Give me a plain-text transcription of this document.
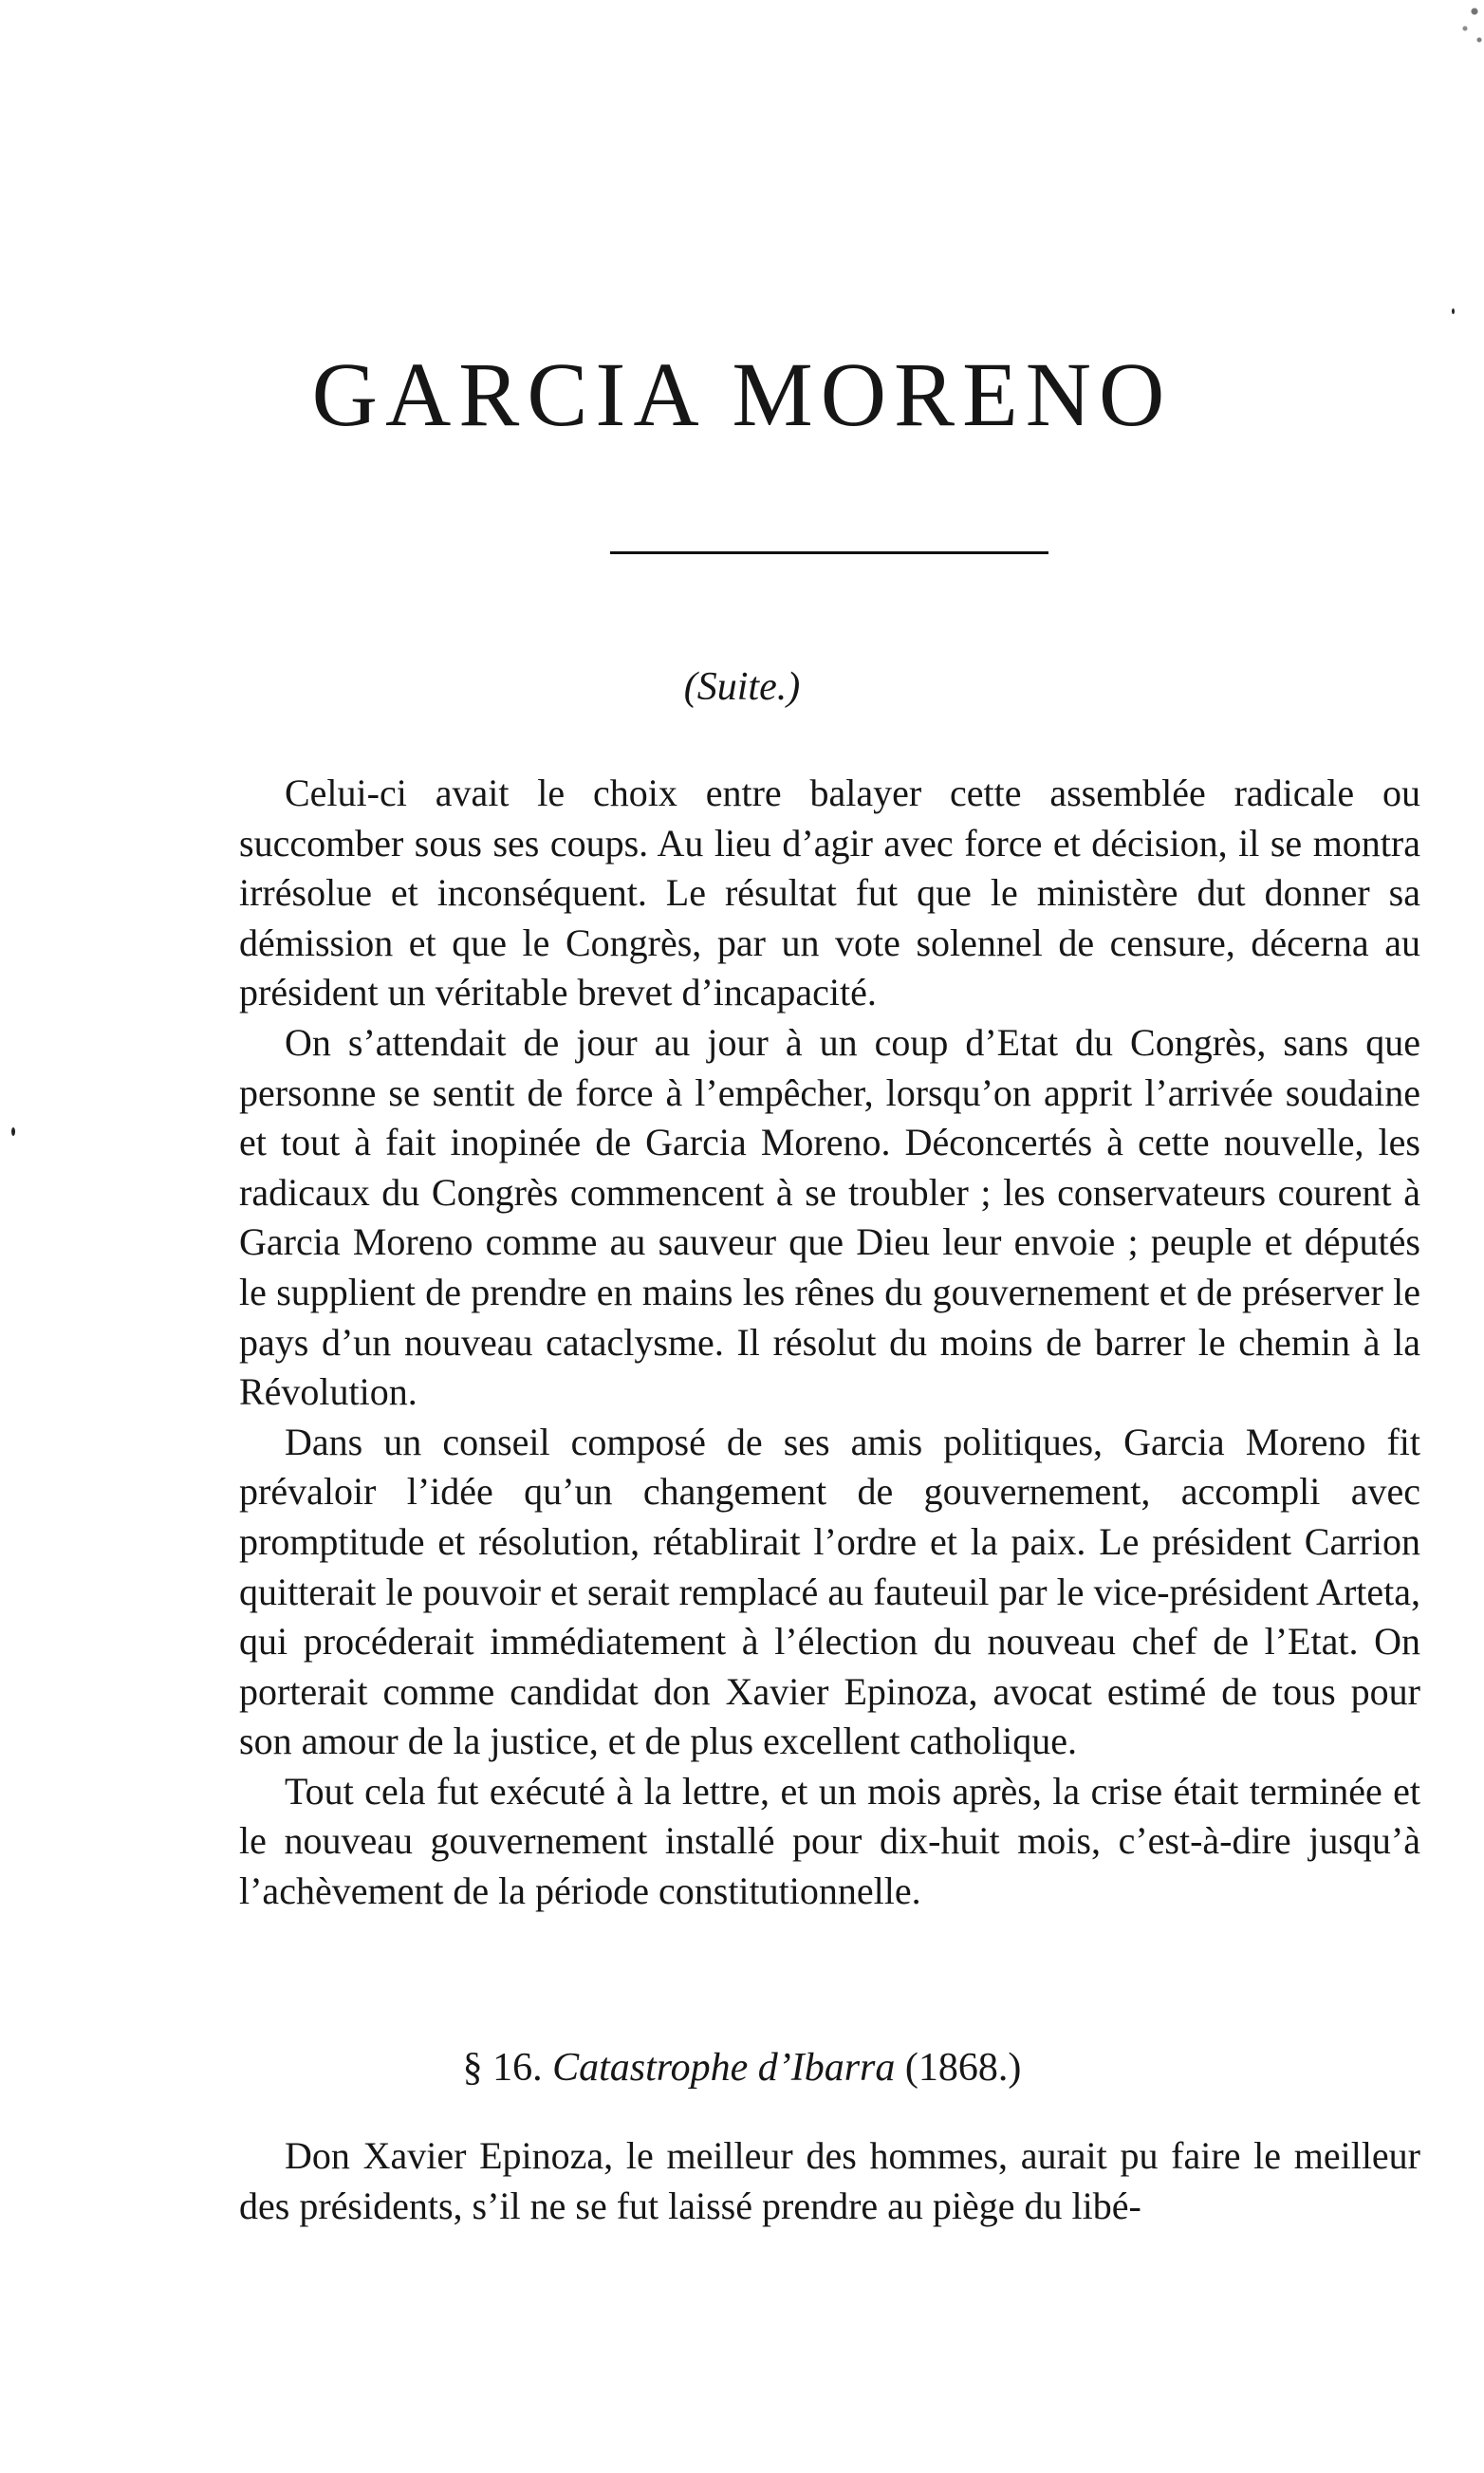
GARCIA MORENO
(Suite.)

Celui-ci avait le choix entre balayer cette assemblée radicale ou succomber sous ses coups. Au lieu d’agir avec force et décision, il se montra irrésolue et inconséquent. Le résultat fut que le ministère dut donner sa démission et que le Congrès, par un vote solennel de censure, décerna au président un véritable brevet d’incapacité.

On s’attendait de jour au jour à un coup d’Etat du Congrès, sans que personne se sentit de force à l’empêcher, lorsqu’on apprit l’arrivée soudaine et tout à fait inopinée de Garcia Moreno. Déconcertés à cette nouvelle, les radicaux du Congrès commencent à se troubler ; les conservateurs courent à Garcia Moreno comme au sauveur que Dieu leur envoie ; peuple et députés le supplient de prendre en mains les rênes du gouvernement et de préserver le pays d’un nouveau cataclysme. Il résolut du moins de barrer le chemin à la Révolution.

Dans un conseil composé de ses amis politiques, Garcia Moreno fit prévaloir l’idée qu’un changement de gouvernement, accompli avec promptitude et résolution, rétablirait l’ordre et la paix. Le président Carrion quitterait le pouvoir et serait remplacé au fauteuil par le vice-président Arteta, qui procéderait immédiatement à l’élection du nouveau chef de l’Etat. On porterait comme candidat don Xavier Epinoza, avocat estimé de tous pour son amour de la justice, et de plus excellent catholique.

Tout cela fut exécuté à la lettre, et un mois après, la crise était terminée et le nouveau gouvernement installé pour dix-huit mois, c’est-à-dire jusqu’à l’achèvement de la période constitutionnelle.

§ 16. Catastrophe d’Ibarra (1868.)

Don Xavier Epinoza, le meilleur des hommes, aurait pu faire le meilleur des présidents, s’il ne se fut laissé prendre au piège du libé-
